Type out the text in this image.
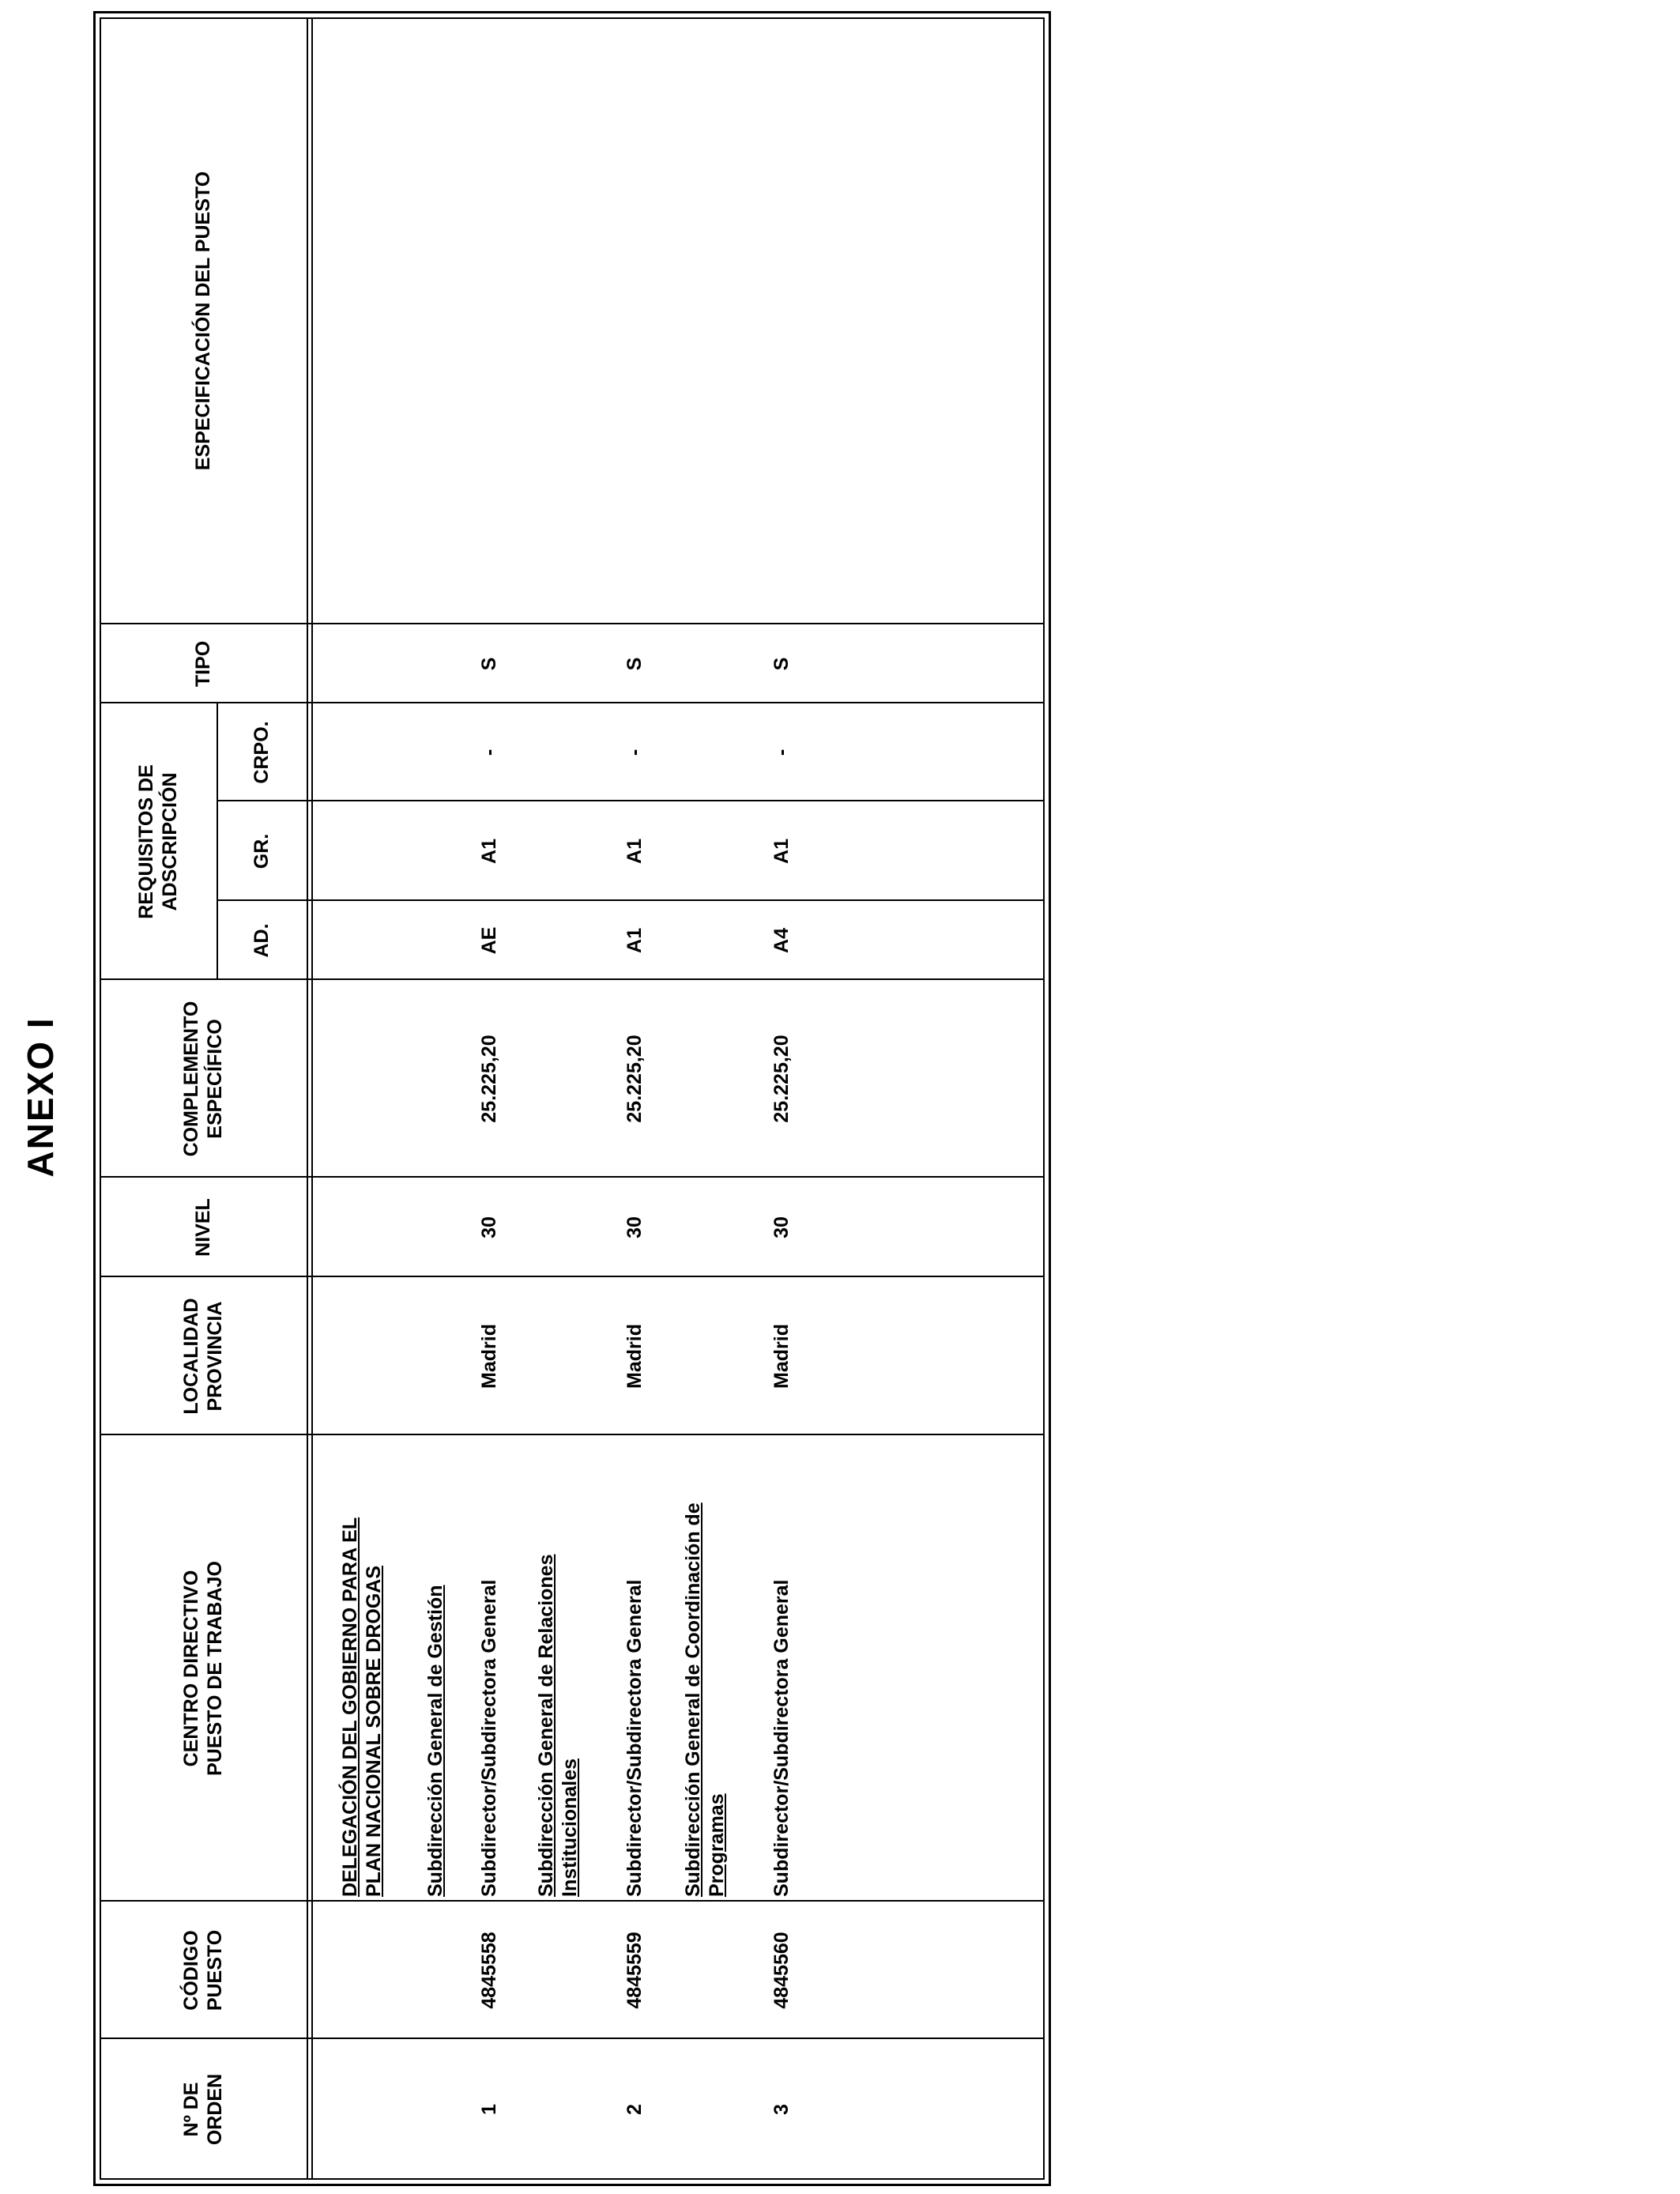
ANEXO I
Nº DE ORDEN
CÓDIGO PUESTO
CENTRO DIRECTIVO PUESTO DE TRABAJO
LOCALIDAD PROVINCIA
NIVEL
COMPLEMENTO ESPECÍFICO
REQUISITOS DE ADSCRIPCIÓN
AD.
GR.
CRPO.
TIPO
ESPECIFICACIÓN DEL PUESTO
DELEGACIÓN DEL GOBIERNO PARA EL PLAN NACIONAL SOBRE DROGAS Subdirección General de Gestión
1
4845558
Subdirector/Subdirectora General
Madrid
30
25.225,20
AE
A1
-
S
Subdirección General de Relaciones Institucionales
2
4845559
Subdirector/Subdirectora General
Madrid
30
25.225,20
A1
A1
-
S
Subdirección General de Coordinación de Programas
3
4845560
Subdirector/Subdirectora General
Madrid
30
25.225,20
A4
A1
-
S
